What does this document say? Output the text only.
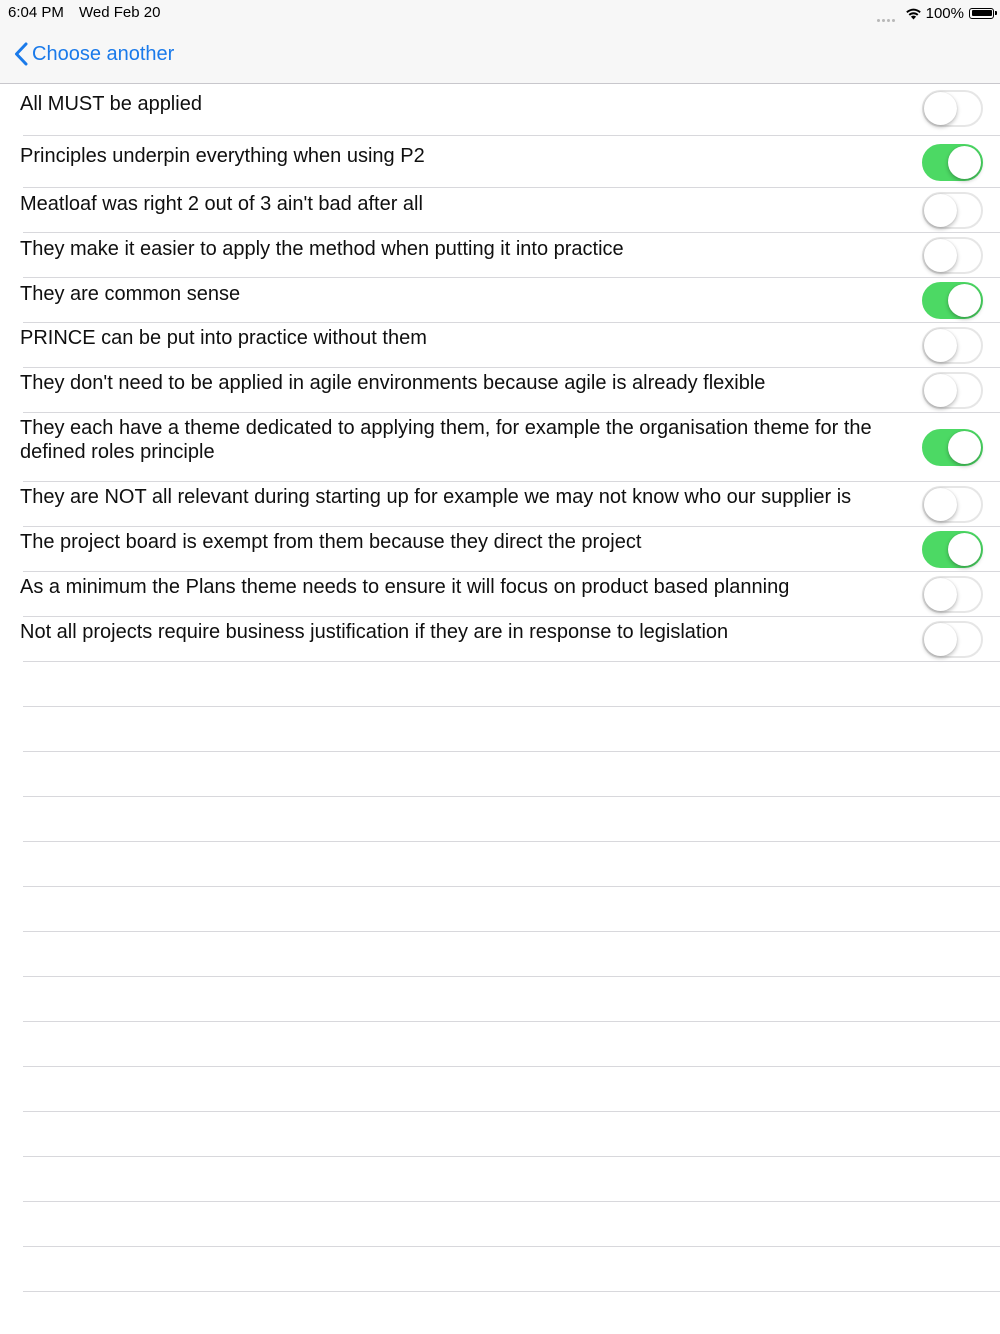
6:04 PM Wed Feb 20	100%
Choose another
All MUST be applied
Principles underpin everything when using P2
Meatloaf was right 2 out of 3 ain't bad after all
They make it easier to apply the method when putting it into practice
They are common sense
PRINCE can be put into practice without them
They don't need to be applied in agile environments because agile is already flexible
They each have a theme dedicated to applying them, for example the organisation theme for the defined roles principle
They are NOT all relevant during starting up for example we may not know who our supplier is
The project board is exempt from them because they direct the project
As a minimum the Plans theme needs to ensure it will focus on product based planning
Not all projects require business justification if they are in response to legislation
